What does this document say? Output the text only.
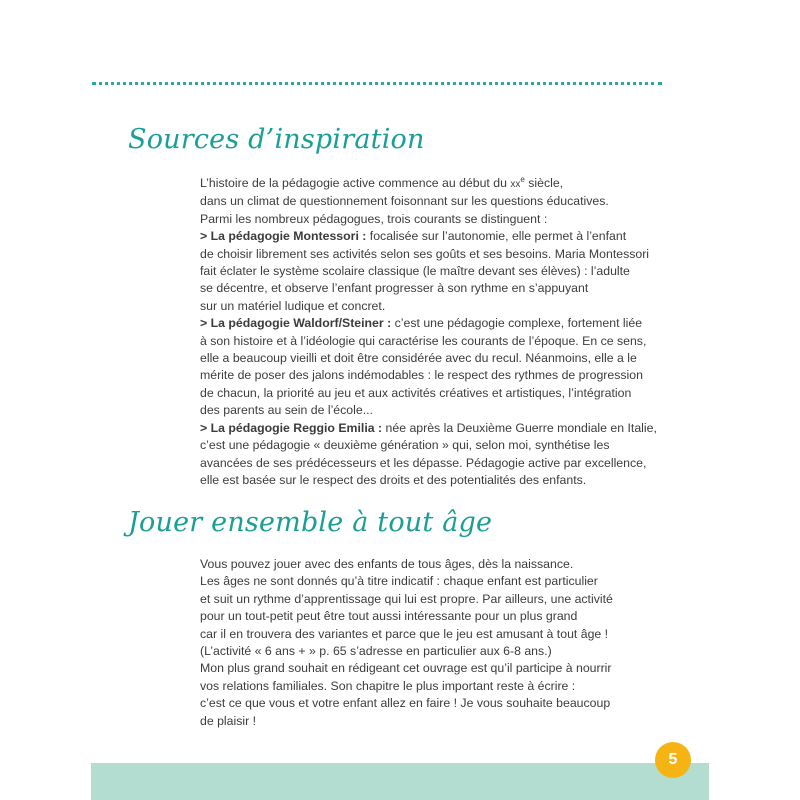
Sources d’inspiration
L’histoire de la pédagogie active commence au début du $xx^e$ siècle,
dans un climat de questionnement foisonnant sur les questions éducatives.
Parmi les nombreux pédagogues, trois courants se distinguent :
> La pédagogie Montessori : focalisée sur l’autonomie, elle permet à l’enfant
de choisir librement ses activités selon ses goûts et ses besoins. Maria Montessori
fait éclater le système scolaire classique (le maître devant ses élèves) : l’adulte
se décentre, et observe l’enfant progresser à son rythme en s’appuyant
sur un matériel ludique et concret.
> La pédagogie Waldorf/Steiner : c’est une pédagogie complexe, fortement liée
à son histoire et à l’idéologie qui caractérise les courants de l’époque. En ce sens,
elle a beaucoup vieilli et doit être considérée avec du recul. Néanmoins, elle a le
mérite de poser des jalons indémodables : le respect des rythmes de progression
de chacun, la priorité au jeu et aux activités créatives et artistiques, l’intégration
des parents au sein de l’école...
> La pédagogie Reggio Emilia : née après la Deuxième Guerre mondiale en Italie,
c’est une pédagogie « deuxième génération » qui, selon moi, synthétise les
avancées de ses prédécesseurs et les dépasse. Pédagogie active par excellence,
elle est basée sur le respect des droits et des potentialités des enfants.
Jouer ensemble à tout âge
Vous pouvez jouer avec des enfants de tous âges, dès la naissance.
Les âges ne sont donnés qu’à titre indicatif : chaque enfant est particulier
et suit un rythme d’apprentissage qui lui est propre. Par ailleurs, une activité
pour un tout-petit peut être tout aussi intéressante pour un plus grand
car il en trouvera des variantes et parce que le jeu est amusant à tout âge !
(L’activité « 6 ans + » p. 65 s’adresse en particulier aux 6-8 ans.)
Mon plus grand souhait en rédigeant cet ouvrage est qu’il participe à nourrir
vos relations familiales. Son chapitre le plus important reste à écrire :
c’est ce que vous et votre enfant allez en faire ! Je vous souhaite beaucoup
de plaisir !
5
